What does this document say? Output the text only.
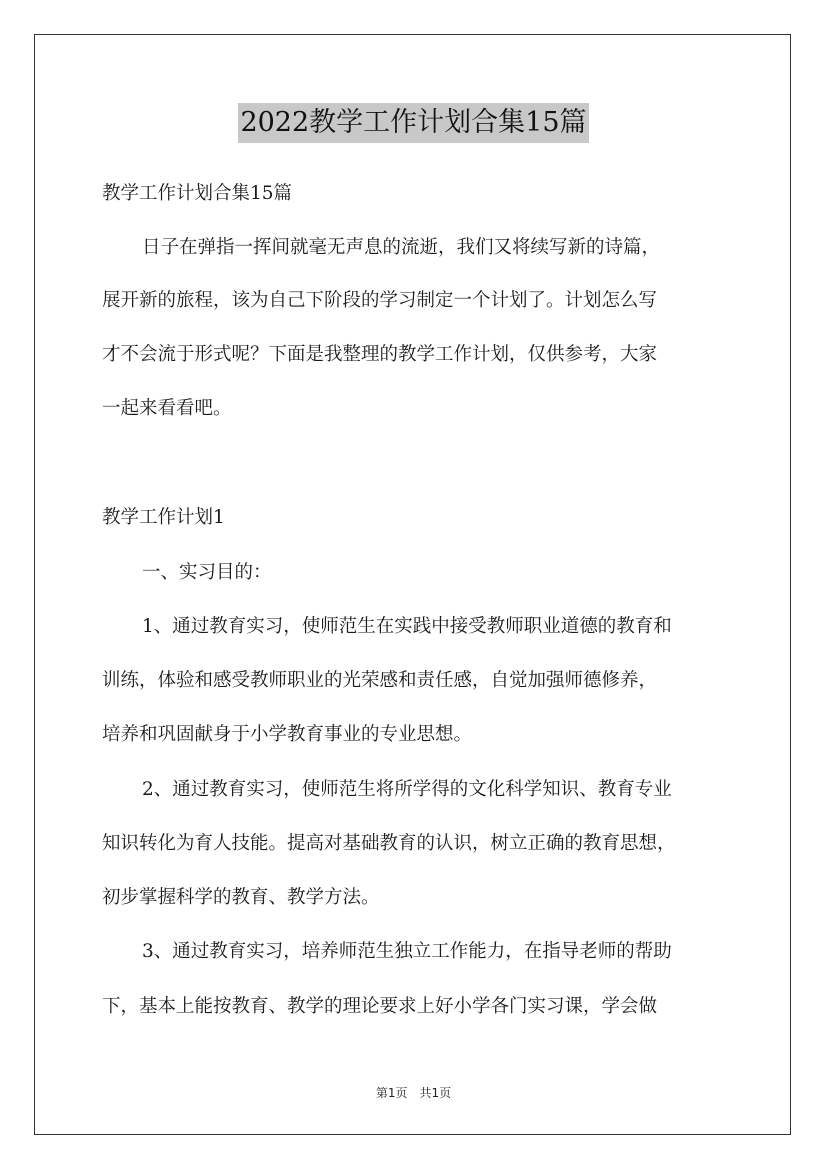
2022教学工作计划合集15篇
教学工作计划合集15篇
日子在弹指一挥间就毫无声息的流逝，我们又将续写新的诗篇，
展开新的旅程，该为自己下阶段的学习制定一个计划了。计划怎么写
才不会流于形式呢？下面是我整理的教学工作计划，仅供参考，大家
一起来看看吧。
教学工作计划1
一、实习目的：
1、通过教育实习，使师范生在实践中接受教师职业道德的教育和
训练，体验和感受教师职业的光荣感和责任感，自觉加强师德修养，
培养和巩固献身于小学教育事业的专业思想。
2、通过教育实习，使师范生将所学得的文化科学知识、教育专业
知识转化为育人技能。提高对基础教育的认识，树立正确的教育思想，
初步掌握科学的教育、教学方法。
3、通过教育实习，培养师范生独立工作能力，在指导老师的帮助
下，基本上能按教育、教学的理论要求上好小学各门实习课，学会做
第1页　共1页
